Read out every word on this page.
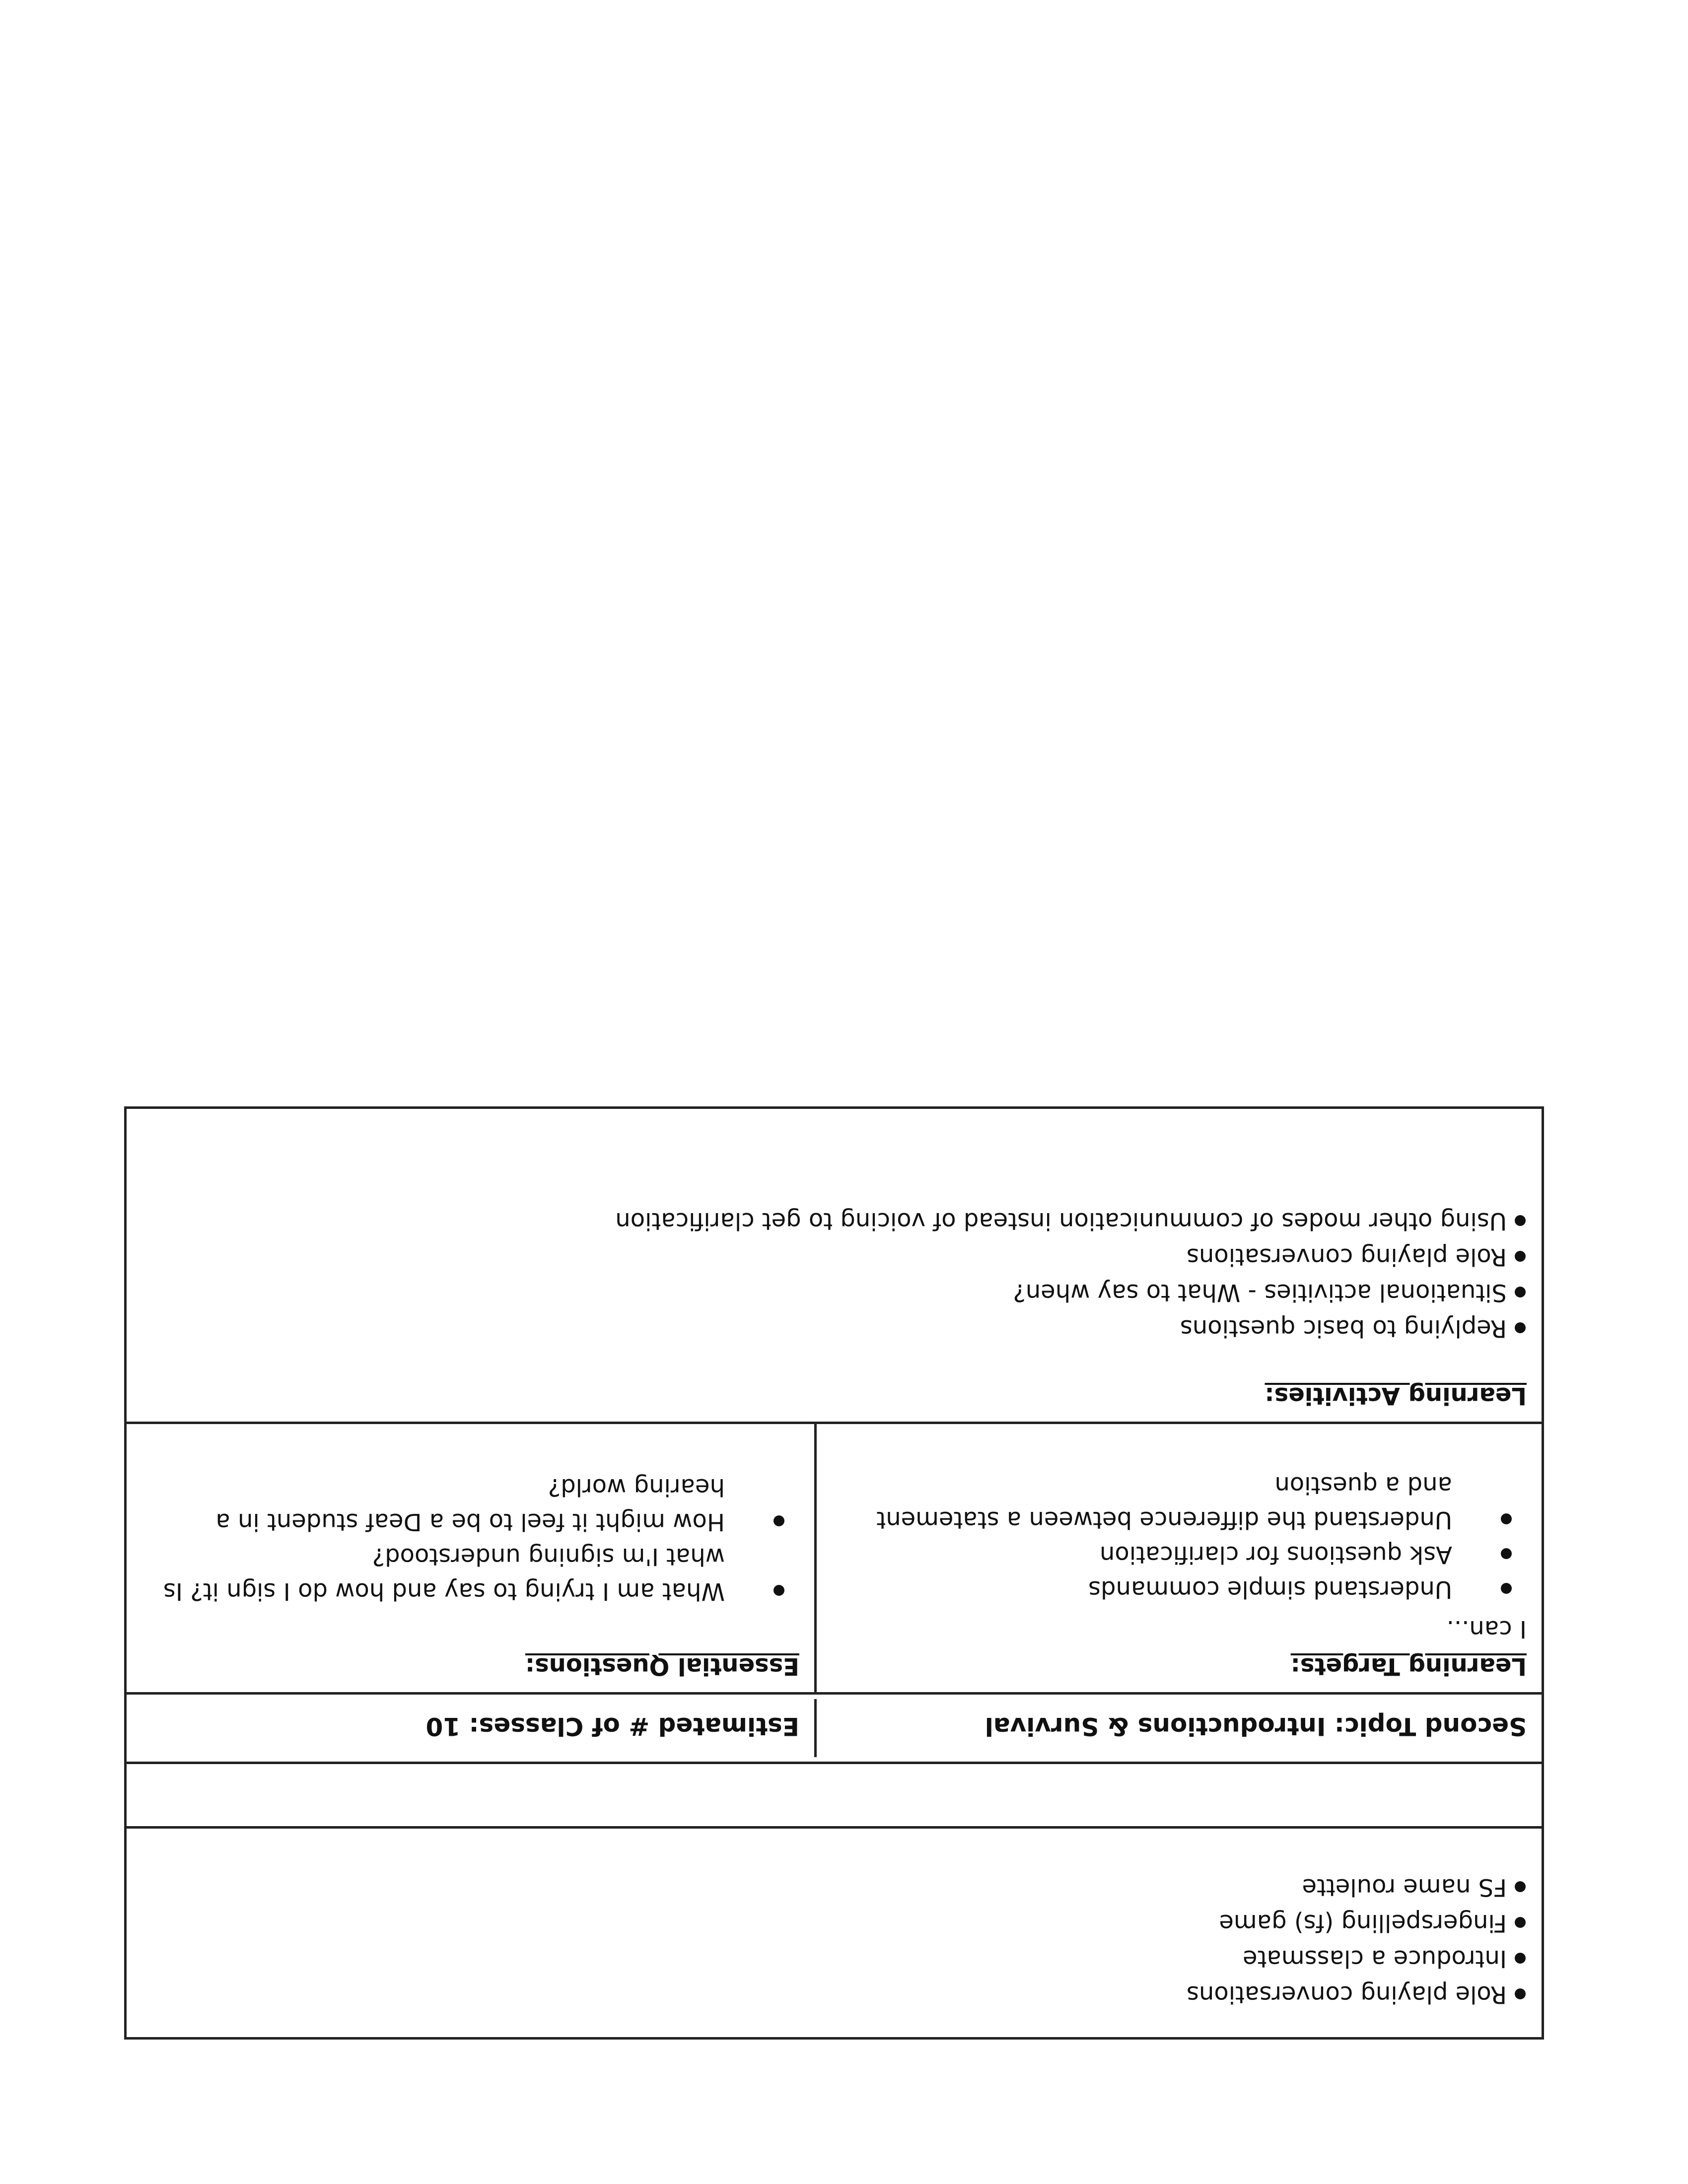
Role playing conversations
Introduce a classmate
Fingerspelling (fs) game
FS name roulette
Second Topic: Introductions & Survival
Estimated # of Classes: 10
Learning Targets:
I can...
Understand simple commands
Ask questions for clarification
Understand the difference between a statement and a question
Essential Questions:
What am I trying to say and how do I sign it? Is what I'm signing understood?
How might it feel to be a Deaf student in a hearing world?
Learning Activities:
Replying to basic questions
Situational activities - What to say when?
Role playing conversations
Using other modes of communication instead of voicing to get clarification
